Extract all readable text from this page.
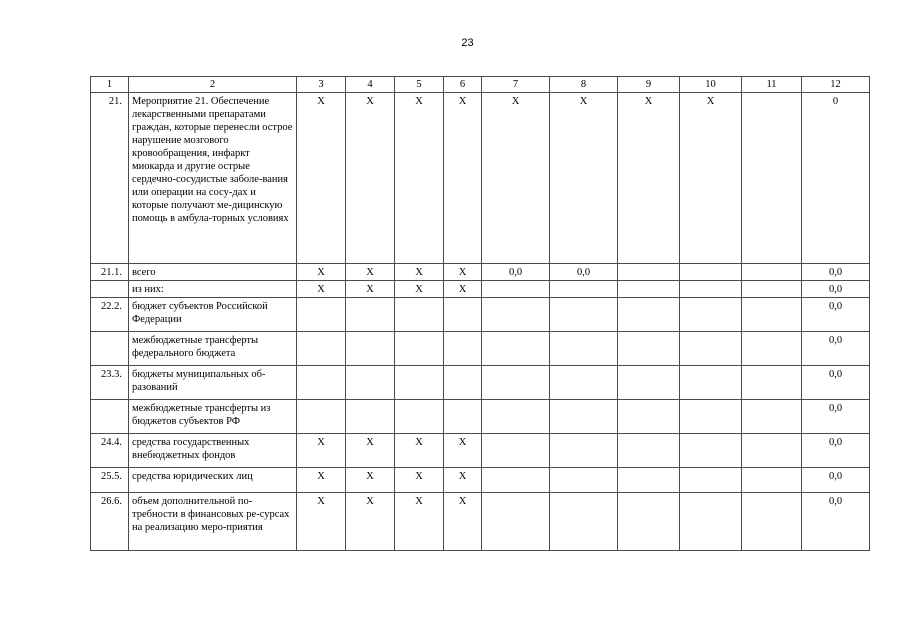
23
1	2	3	4	5	6	7	8	9	10	11	12
21.	Мероприятие 21. Обеспечение лекарственными препаратами граждан, которые перенесли острое нарушение мозгового кровообращения, инфаркт миокарда и другие острые сердечно-сосудистые заболе-вания или операции на сосу-дах и которые получают ме-дицинскую помощь в амбула-торных условиях	Х	Х	Х	Х	Х	Х	Х	Х		0
21.1.	всего	Х	Х	Х	Х	0,0	0,0				0,0
	из них:	Х	Х	Х	Х						0,0
22.2.	бюджет субъектов Российской Федерации										0,0
	межбюджетные трансферты федерального бюджета										0,0
23.3.	бюджеты муниципальных об-разований										0,0
	межбюджетные трансферты из бюджетов субъектов РФ										0,0
24.4.	средства государственных внебюджетных фондов	Х	Х	Х	Х						0,0
25.5.	средства юридических лиц	Х	Х	Х	Х						0,0
26.6.	объем дополнительной по-требности в финансовых ре-сурсах на реализацию меро-приятия	Х	Х	Х	Х						0,0
